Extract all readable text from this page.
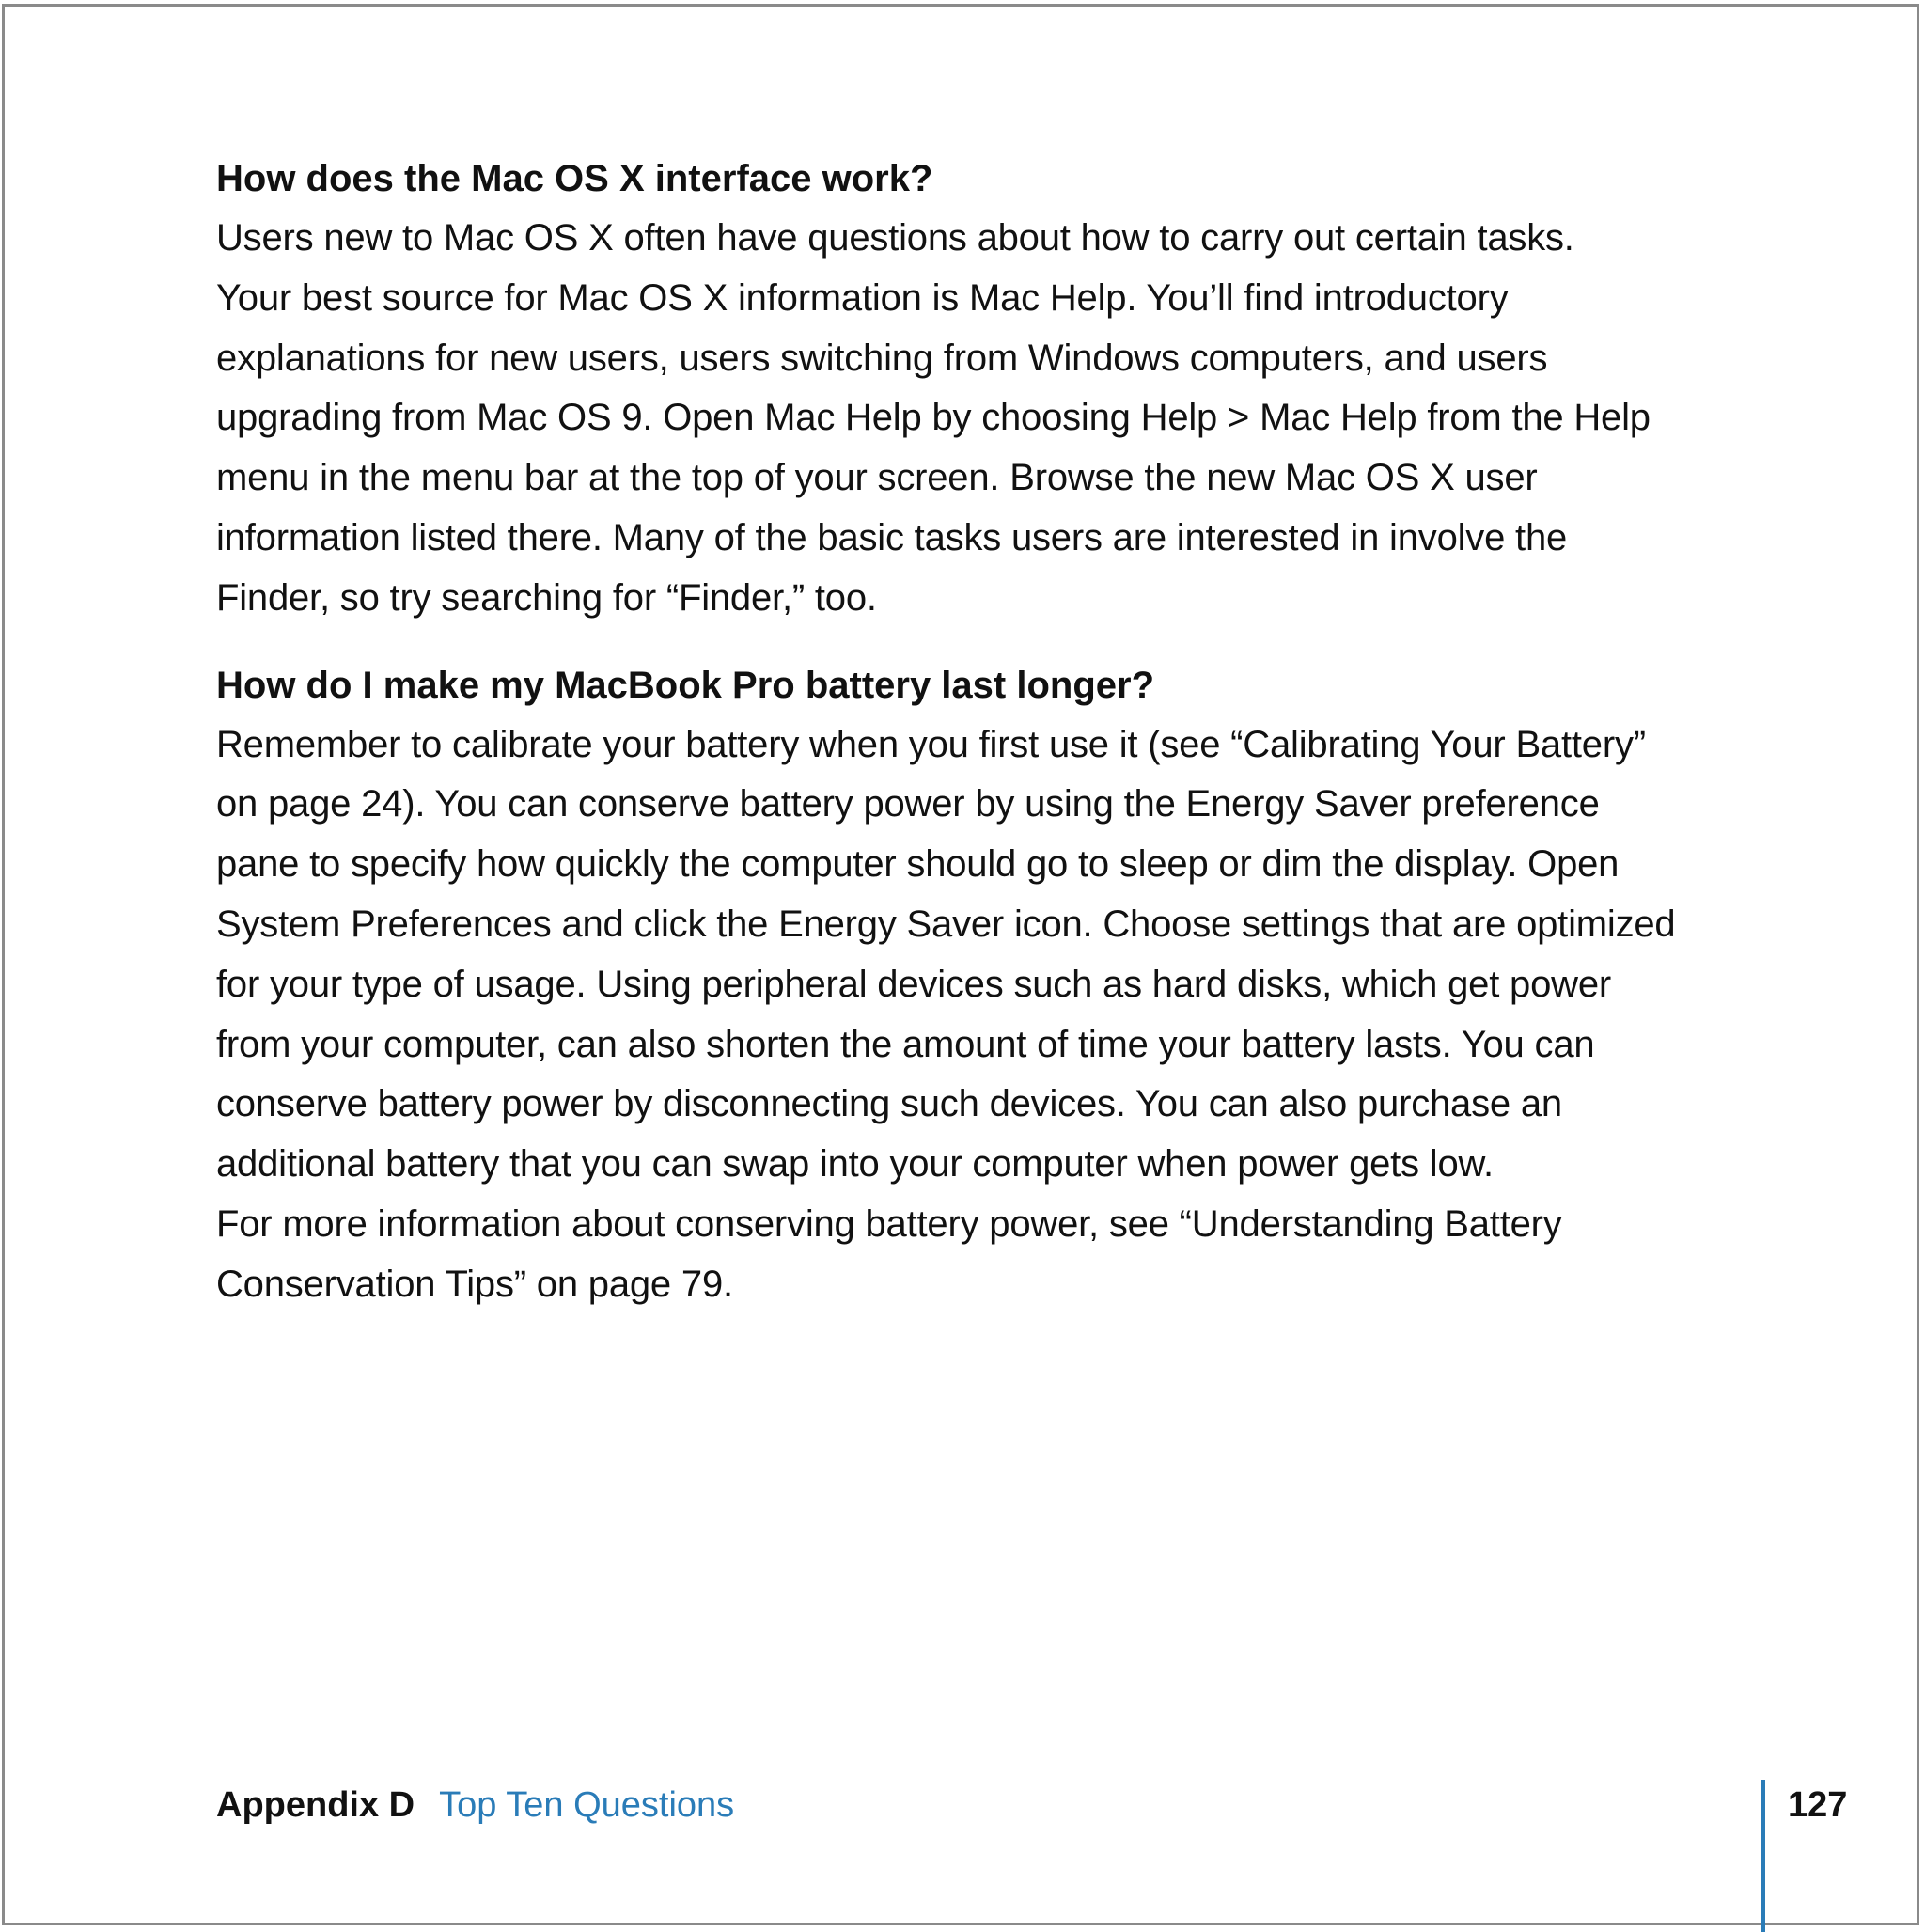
How does the Mac OS X interface work?

Users new to Mac OS X often have questions about how to carry out certain tasks.
Your best source for Mac OS X information is Mac Help. You’ll find introductory
explanations for new users, users switching from Windows computers, and users
upgrading from Mac OS 9. Open Mac Help by choosing Help > Mac Help from the Help
menu in the menu bar at the top of your screen. Browse the new Mac OS X user
information listed there. Many of the basic tasks users are interested in involve the
Finder, so try searching for “Finder,” too.

How do I make my MacBook Pro battery last longer?

Remember to calibrate your battery when you first use it (see “Calibrating Your Battery”
on page 24). You can conserve battery power by using the Energy Saver preference
pane to specify how quickly the computer should go to sleep or dim the display. Open
System Preferences and click the Energy Saver icon. Choose settings that are optimized
for your type of usage. Using peripheral devices such as hard disks, which get power
from your computer, can also shorten the amount of time your battery lasts. You can
conserve battery power by disconnecting such devices. You can also purchase an
additional battery that you can swap into your computer when power gets low.
For more information about conserving battery power, see “Understanding Battery
Conservation Tips” on page 79.

Appendix D Top Ten Questions	127
